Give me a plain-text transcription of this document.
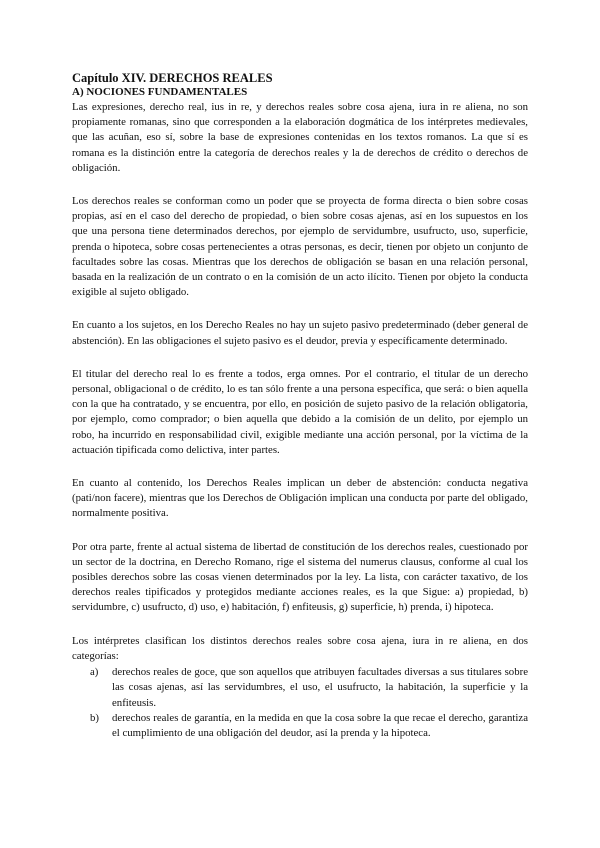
Capítulo XIV. DERECHOS REALES
A) NOCIONES FUNDAMENTALES

Las expresiones, derecho real, ius in re, y derechos reales sobre cosa ajena, iura in re aliena, no son propiamente romanas, sino que corresponden a la elaboración dogmática de los intérpretes medievales, que las acuñan, eso sí, sobre la base de expresiones contenidas en los textos romanos. La que sí es romana es la distinción entre la categoría de derechos reales y la de derechos de crédito o derechos de obligación.

Los derechos reales se conforman como un poder que se proyecta de forma directa o bien sobre cosas propias, así en el caso del derecho de propiedad, o bien sobre cosas ajenas, así en los supuestos en los que una persona tiene determinados derechos, por ejemplo de servidumbre, usufructo, uso, superficie, prenda o hipoteca, sobre cosas pertenecientes a otras personas, es decir, tienen por objeto un conjunto de facultades sobre las cosas. Mientras que los derechos de obligación se basan en una relación personal, basada en la realización de un contrato o en la comisión de un acto ilícito. Tienen por objeto la conducta exigible al sujeto obligado.

En cuanto a los sujetos, en los Derecho Reales no hay un sujeto pasivo predeterminado (deber general de abstención). En las obligaciones el sujeto pasivo es el deudor, previa y específicamente determinado.

El titular del derecho real lo es frente a todos, erga omnes. Por el contrario, el titular de un derecho personal, obligacional o de crédito, lo es tan sólo frente a una persona específica, que será: o bien aquella con la que ha contratado, y se encuentra, por ello, en posición de sujeto pasivo de la relación obligatoria, por ejemplo, como comprador; o bien aquella que debido a la comisión de un delito, por ejemplo un robo, ha incurrido en responsabilidad civil, exigible mediante una acción personal, por la víctima de la actuación tipificada como delictiva, inter partes.

En cuanto al contenido, los Derechos Reales implican un deber de abstención: conducta negativa (pati/non facere), mientras que los Derechos de Obligación implican una conducta por parte del obligado, normalmente positiva.

Por otra parte, frente al actual sistema de libertad de constitución de los derechos reales, cuestionado por un sector de la doctrina, en Derecho Romano, rige el sistema del numerus clausus, conforme al cual los posibles derechos sobre las cosas vienen determinados por la ley. La lista, con carácter taxativo, de los derechos reales tipificados y protegidos mediante acciones reales, es la que Sigue: a) propiedad, b) servidumbre, c) usufructo, d) uso, e) habitación, f) enfiteusis, g) superficie, h) prenda, i) hipoteca.

Los intérpretes clasifican los distintos derechos reales sobre cosa ajena, iura in re aliena, en dos categorías:

a) derechos reales de goce, que son aquellos que atribuyen facultades diversas a sus titulares sobre las cosas ajenas, así las servidumbres, el uso, el usufructo, la habitación, la superficie y la enfiteusis.
b) derechos reales de garantía, en la medida en que la cosa sobre la que recae el derecho, garantiza el cumplimiento de una obligación del deudor, así la prenda y la hipoteca.
